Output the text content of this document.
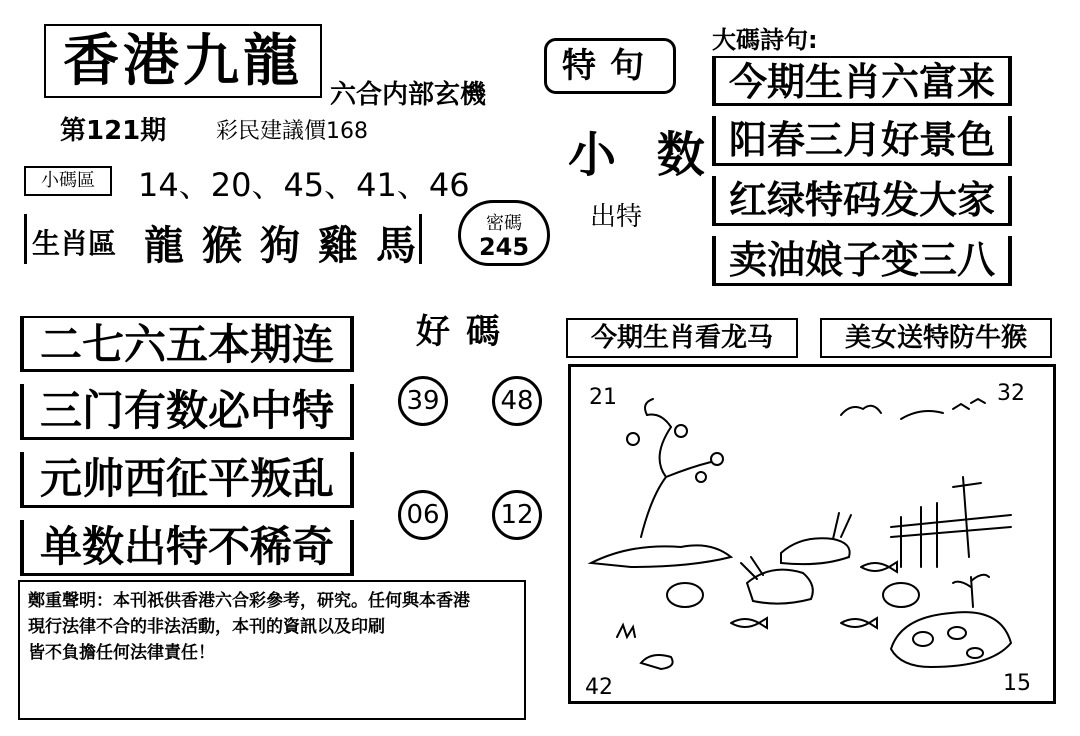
香港九龍
六合内部玄機
第121期 彩民建議價168
小碼區	14、20、45、41、46
生肖區 龍猴狗雞馬	密碼
245
特句
小 数
出特
大碼詩句:
今期生肖六富来
阳春三月好景色
红绿特码发大家
卖油娘子变三八
二七六五本期连
三门有数必中特
元帅西征平叛乱
单数出特不稀奇
好碼
39	48
06	12
今期生肖看龙马	美女送特防牛猴
21	32
42	15
鄭重聲明：本刊祇供香港六合彩參考，研究。任何與本香港
現行法律不合的非法活動，本刊的資訊以及印刷
皆不負擔任何法律責任！
